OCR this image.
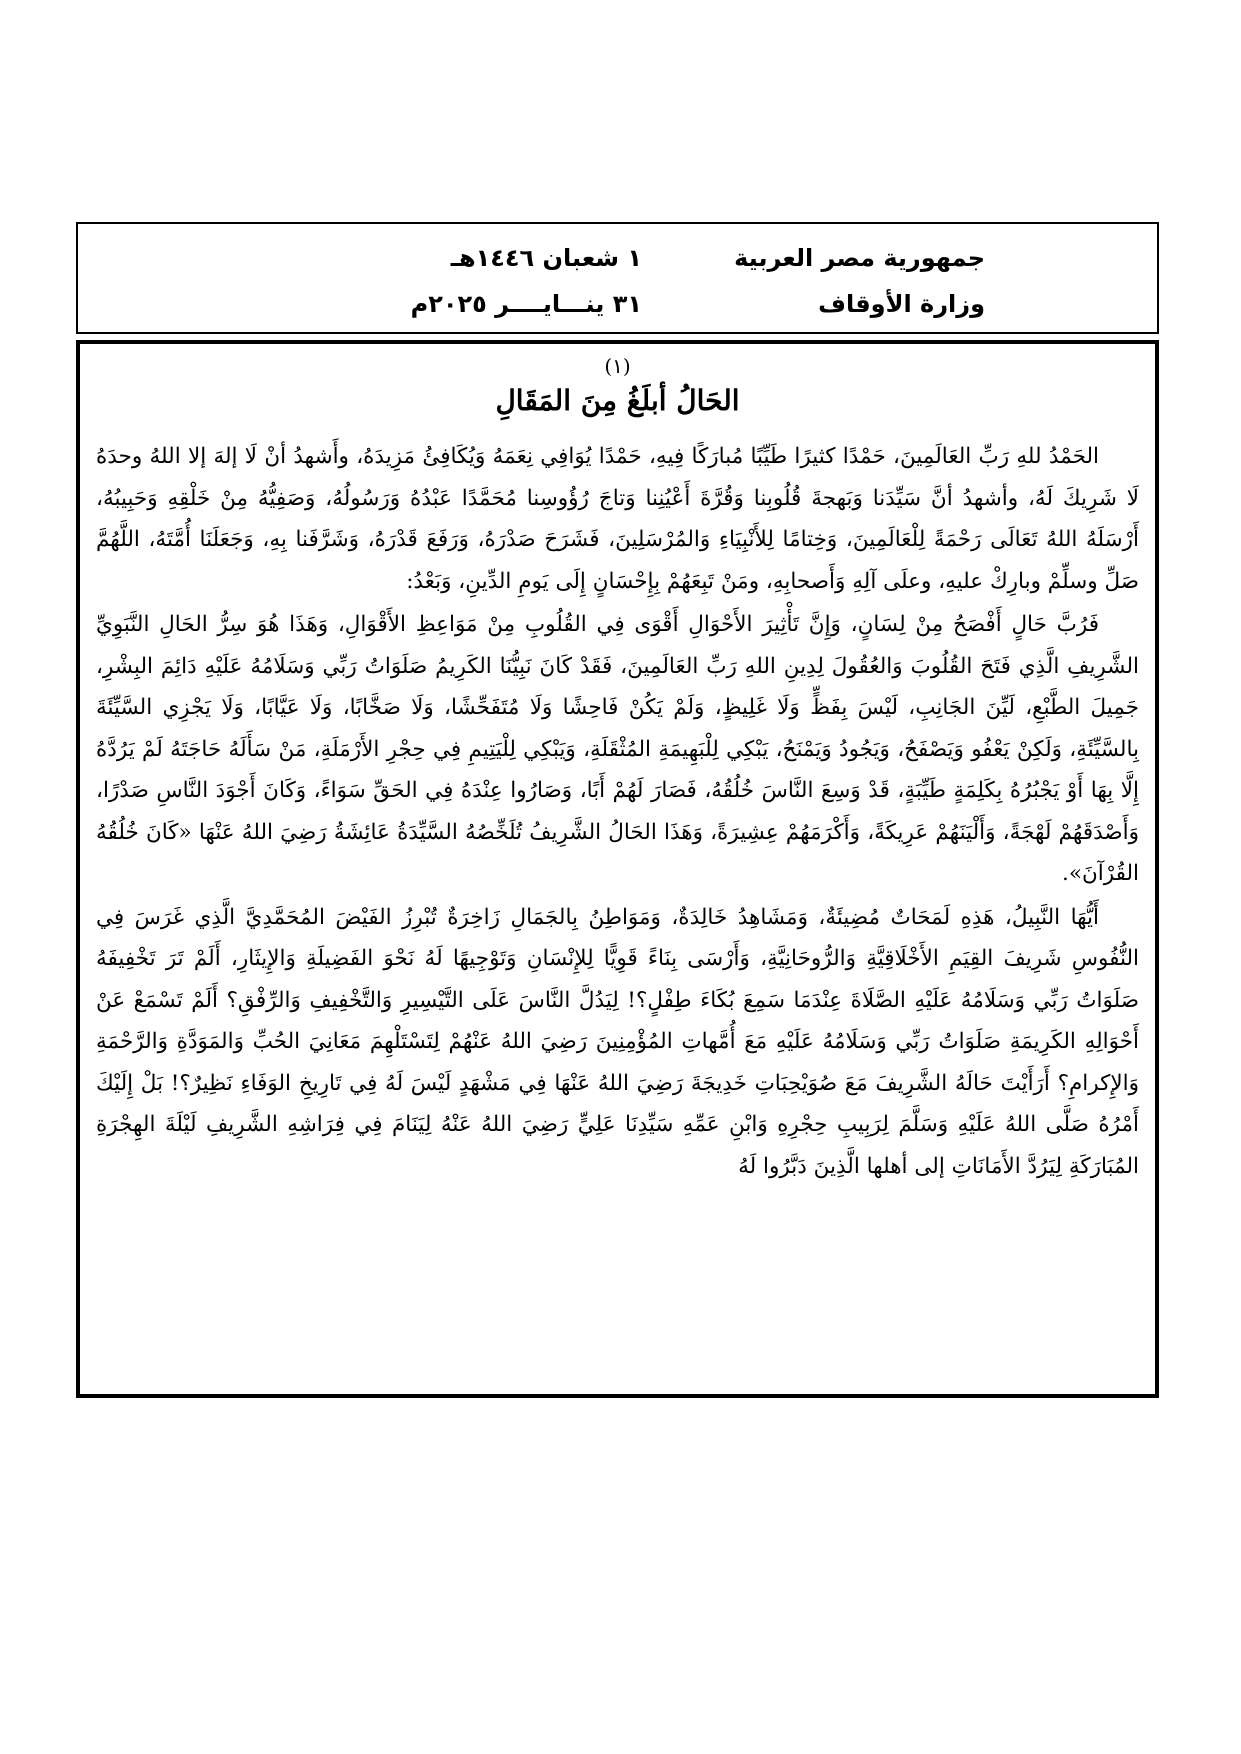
جمهورية مصر العربية
١ شعبان ١٤٤٦هـ
وزارة الأوقاف
٣١ ينـــايــــر ٢٠٢٥م
(١)
الحَالُ أبلَغُ مِنَ المَقَالِ

الحَمْدُ للهِ رَبِّ العَالَمِينَ، حَمْدًا كثيرًا طَيِّبًا مُبارَكًا فِيهِ، حَمْدًا يُوَافِي نِعَمَهُ وَيُكَافِئُ مَزِيدَهُ، وأَشهدُ أنْ لَا إلهَ إلا اللهُ وحدَهُ لَا شَرِيكَ لَهُ، وأشهدُ أنَّ سَيِّدَنا وَبَهجةَ قُلُوبِنا وَقُرَّةَ أَعْيُنِنا وَتاجَ رُؤُوسِنا مُحَمَّدًا عَبْدُهُ وَرَسُولُهُ، وَصَفِيُّهُ مِنْ خَلْقِهِ وَحَبِيبُهُ، أَرْسَلَهُ اللهُ تَعَالَى رَحْمَةً لِلْعَالَمِينَ، وَخِتامًا لِلأَنْبِيَاءِ وَالمُرْسَلِينَ، فَشَرَحَ صَدْرَهُ، وَرَفَعَ قَدْرَهُ، وَشَرَّفَنا بِهِ، وَجَعَلَنَا أُمَّتَهُ، اللَّهُمَّ صَلِّ وسلِّمْ وبارِكْ عليهِ، وعلَى آلِهِ وَأَصحابِهِ، ومَنْ تَبِعَهُمْ بِإِحْسَانٍ إِلَى يَومِ الدِّينِ، وَبَعْدُ:

فَرُبَّ حَالٍ أَفْصَحُ مِنْ لِسَانٍ، وَإِنَّ تَأْثِيرَ الأَحْوَالِ أَقْوَى فِي القُلُوبِ مِنْ مَوَاعِظِ الأَقْوَالِ، وَهَذَا هُوَ سِرُّ الحَالِ النَّبَوِيِّ الشَّرِيفِ الَّذِي فَتَحَ القُلُوبَ وَالعُقُولَ لِدِينِ اللهِ رَبِّ العَالَمِينَ، فَقَدْ كَانَ نَبِيُّنَا الكَرِيمُ صَلَوَاتُ رَبِّي وَسَلَامُهُ عَلَيْهِ دَائِمَ البِشْرِ، جَمِيلَ الطَّبْعِ، لَيِّنَ الجَانِبِ، لَيْسَ بِفَظٍّ وَلَا غَلِيظٍ، وَلَمْ يَكُنْ فَاحِشًا وَلَا مُتَفَحِّشًا، وَلَا صَخَّابًا، وَلَا عَيَّابًا، وَلَا يَجْزِي السَّيِّئَةَ بِالسَّيِّئَةِ، وَلَكِنْ يَعْفُو وَيَصْفَحُ، وَيَجُودُ وَيَمْنَحُ، يَبْكِي لِلْبَهِيمَةِ المُثْقَلَةِ، وَيَبْكِي لِلْيَتِيمِ فِي حِجْرِ الأَرْمَلَةِ، مَنْ سَأَلَهُ حَاجَتَهُ لَمْ يَرُدَّهُ إِلَّا بِهَا أَوْ يَجْبُرُهُ بِكَلِمَةٍ طَيِّبَةٍ، قَدْ وَسِعَ النَّاسَ خُلُقُهُ، فَصَارَ لَهُمْ أَبًا، وَصَارُوا عِنْدَهُ فِي الحَقِّ سَوَاءً، وَكَانَ أَجْوَدَ النَّاسِ صَدْرًا، وَأَصْدَقَهُمْ لَهْجَةً، وَأَلْيَنَهُمْ عَرِيكَةً، وَأَكْرَمَهُمْ عِشِيرَةً، وَهَذَا الحَالُ الشَّرِيفُ تُلَخِّصُهُ السَّيِّدَةُ عَائِشَةُ رَضِيَ اللهُ عَنْهَا «كَانَ خُلُقُهُ القُرْآنَ».

أَيُّهَا النَّبِيلُ، هَذِهِ لَمَحَاتٌ مُضِيئَةٌ، وَمَشَاهِدُ خَالِدَةٌ، وَمَوَاطِنُ بِالجَمَالِ زَاخِرَةٌ تُبْرِزُ الفَيْضَ المُحَمَّدِيَّ الَّذِي غَرَسَ فِي النُّفُوسِ شَرِيفَ القِيَمِ الأَخْلَاقِيَّةِ وَالرُّوحَانِيَّةِ، وَأَرْسَى بِنَاءً قَوِيًّا لِلإِنْسَانِ وَتَوْجِيهًا لَهُ نَحْوَ الفَضِيلَةِ وَالإِيثَارِ، أَلَمْ تَرَ تَخْفِيفَهُ صَلَوَاتُ رَبِّي وَسَلَامُهُ عَلَيْهِ الصَّلَاةَ عِنْدَمَا سَمِعَ بُكَاءَ طِفْلٍ؟! لِيَدُلَّ النَّاسَ عَلَى التَّيْسِيرِ وَالتَّخْفِيفِ وَالرِّفْقِ؟ أَلَمْ تَسْمَعْ عَنْ أَحْوَالِهِ الكَرِيمَةِ صَلَوَاتُ رَبِّي وَسَلَامُهُ عَلَيْهِ مَعَ أُمَّهاتِ المُؤْمِنِينَ رَضِيَ اللهُ عَنْهُمْ لِتَسْتَلْهِمَ مَعَانِيَ الحُبِّ وَالمَوَدَّةِ وَالرَّحْمَةِ وَالإِكرامِ؟ أَرَأَيْتَ حَالَهُ الشَّرِيفَ مَعَ صُوَيْحِبَاتِ خَدِيجَةَ رَضِيَ اللهُ عَنْهَا فِي مَشْهَدٍ لَيْسَ لَهُ فِي تَارِيخِ الوَفَاءِ نَظِيرٌ؟! بَلْ إِلَيْكَ أَمْرُهُ صَلَّى اللهُ عَلَيْهِ وَسَلَّمَ لِرَبِيبِ حِجْرِهِ وَابْنِ عَمِّهِ سَيِّدِنَا عَلِيٍّ رَضِيَ اللهُ عَنْهُ لِيَنَامَ فِي فِرَاشِهِ الشَّرِيفِ لَيْلَةَ الهِجْرَةِ المُبَارَكَةِ لِيَرُدَّ الأَمَانَاتِ إلى أهلها الَّذِينَ دَبَّرُوا لَهُ
